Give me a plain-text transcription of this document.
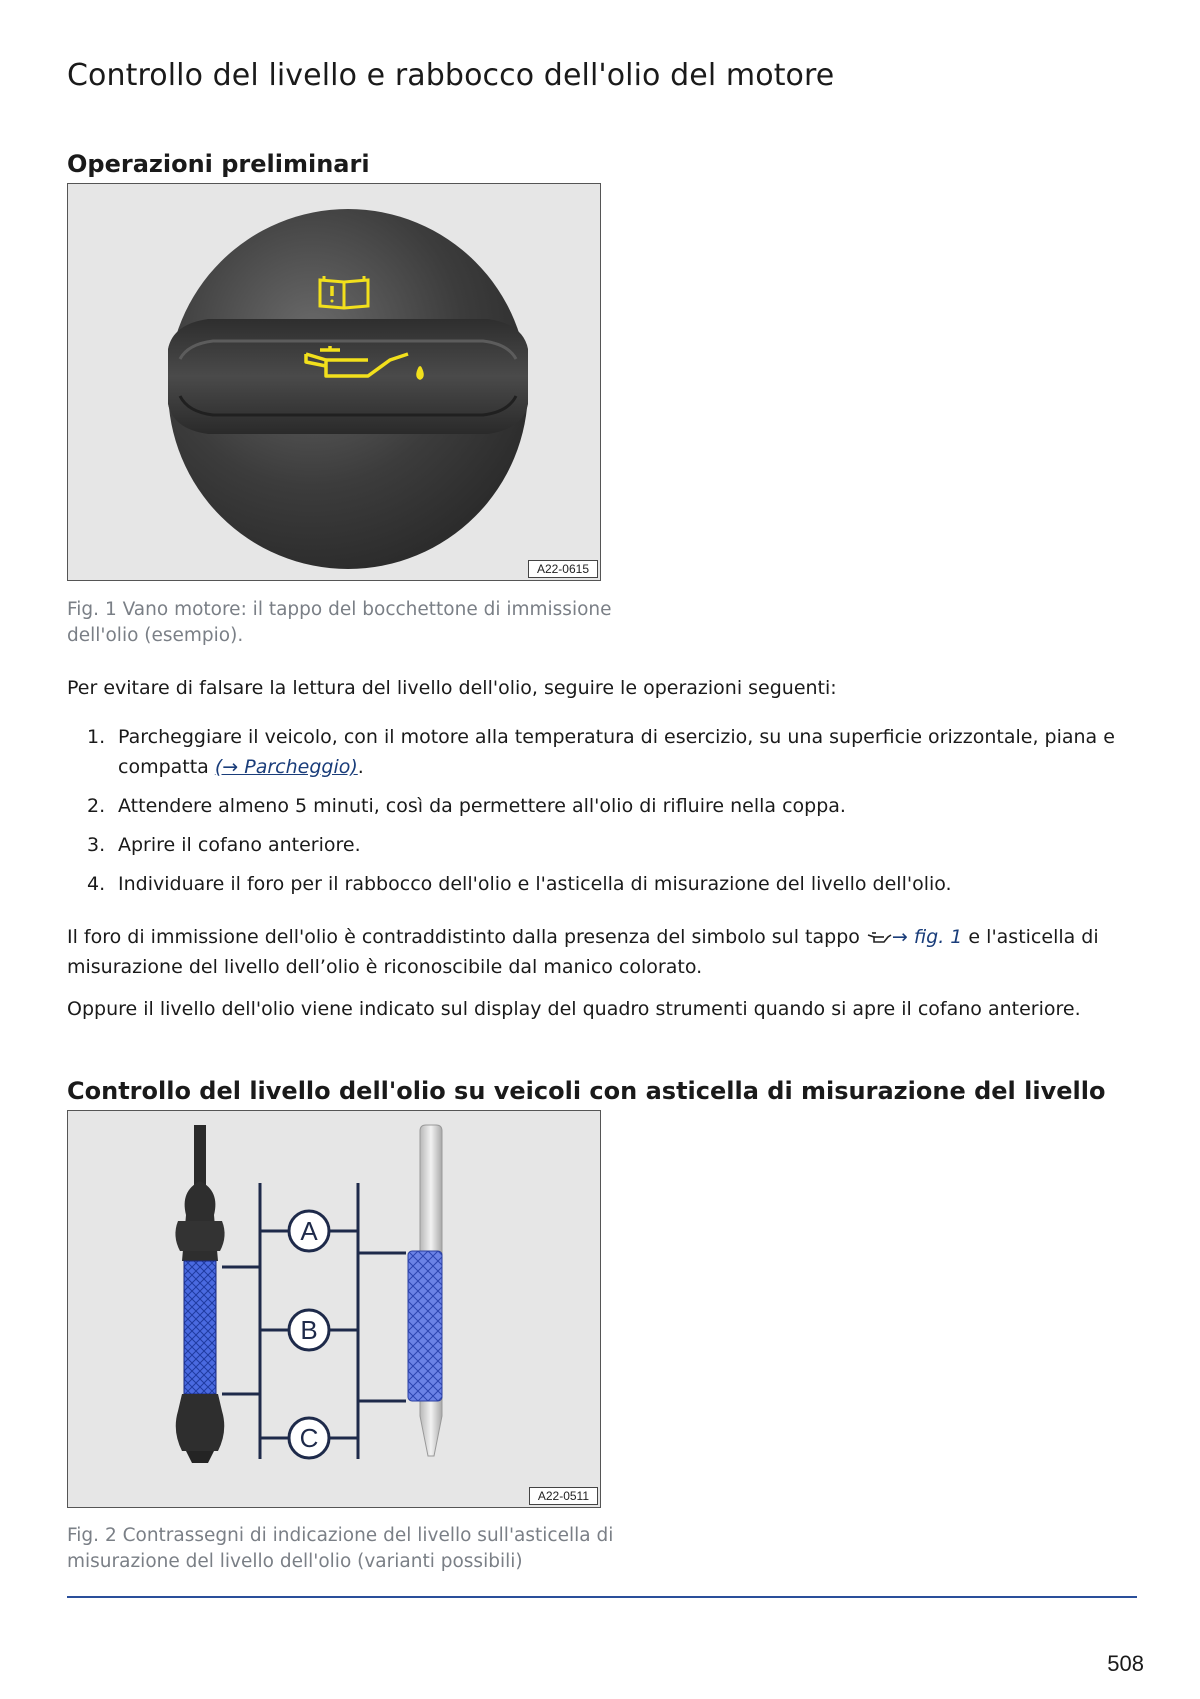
Controllo del livello e rabbocco dell'olio del motore
Operazioni preliminari
A22-0615

Fig. 1 Vano motore: il tappo del bocchettone di immissione dell'olio (esempio).

Per evitare di falsare la lettura del livello dell'olio, seguire le operazioni seguenti:

1. Parcheggiare il veicolo, con il motore alla temperatura di esercizio, su una superficie orizzontale, piana e compatta (→ Parcheggio).
2. Attendere almeno 5 minuti, così da permettere all'olio di rifluire nella coppa.
3. Aprire il cofano anteriore.
4. Individuare il foro per il rabbocco dell'olio e l'asticella di misurazione del livello dell'olio.

Il foro di immissione dell'olio è contraddistinto dalla presenza del simbolo sul tappo → fig. 1 e l'asticella di misurazione del livello dell’olio è riconoscibile dal manico colorato.

Oppure il livello dell'olio viene indicato sul display del quadro strumenti quando si apre il cofano anteriore.

Controllo del livello dell'olio su veicoli con asticella di misurazione del livello
A
B
C
A22-0511

Fig. 2 Contrassegni di indicazione del livello sull'asticella di misurazione del livello dell'olio (varianti possibili)

508
